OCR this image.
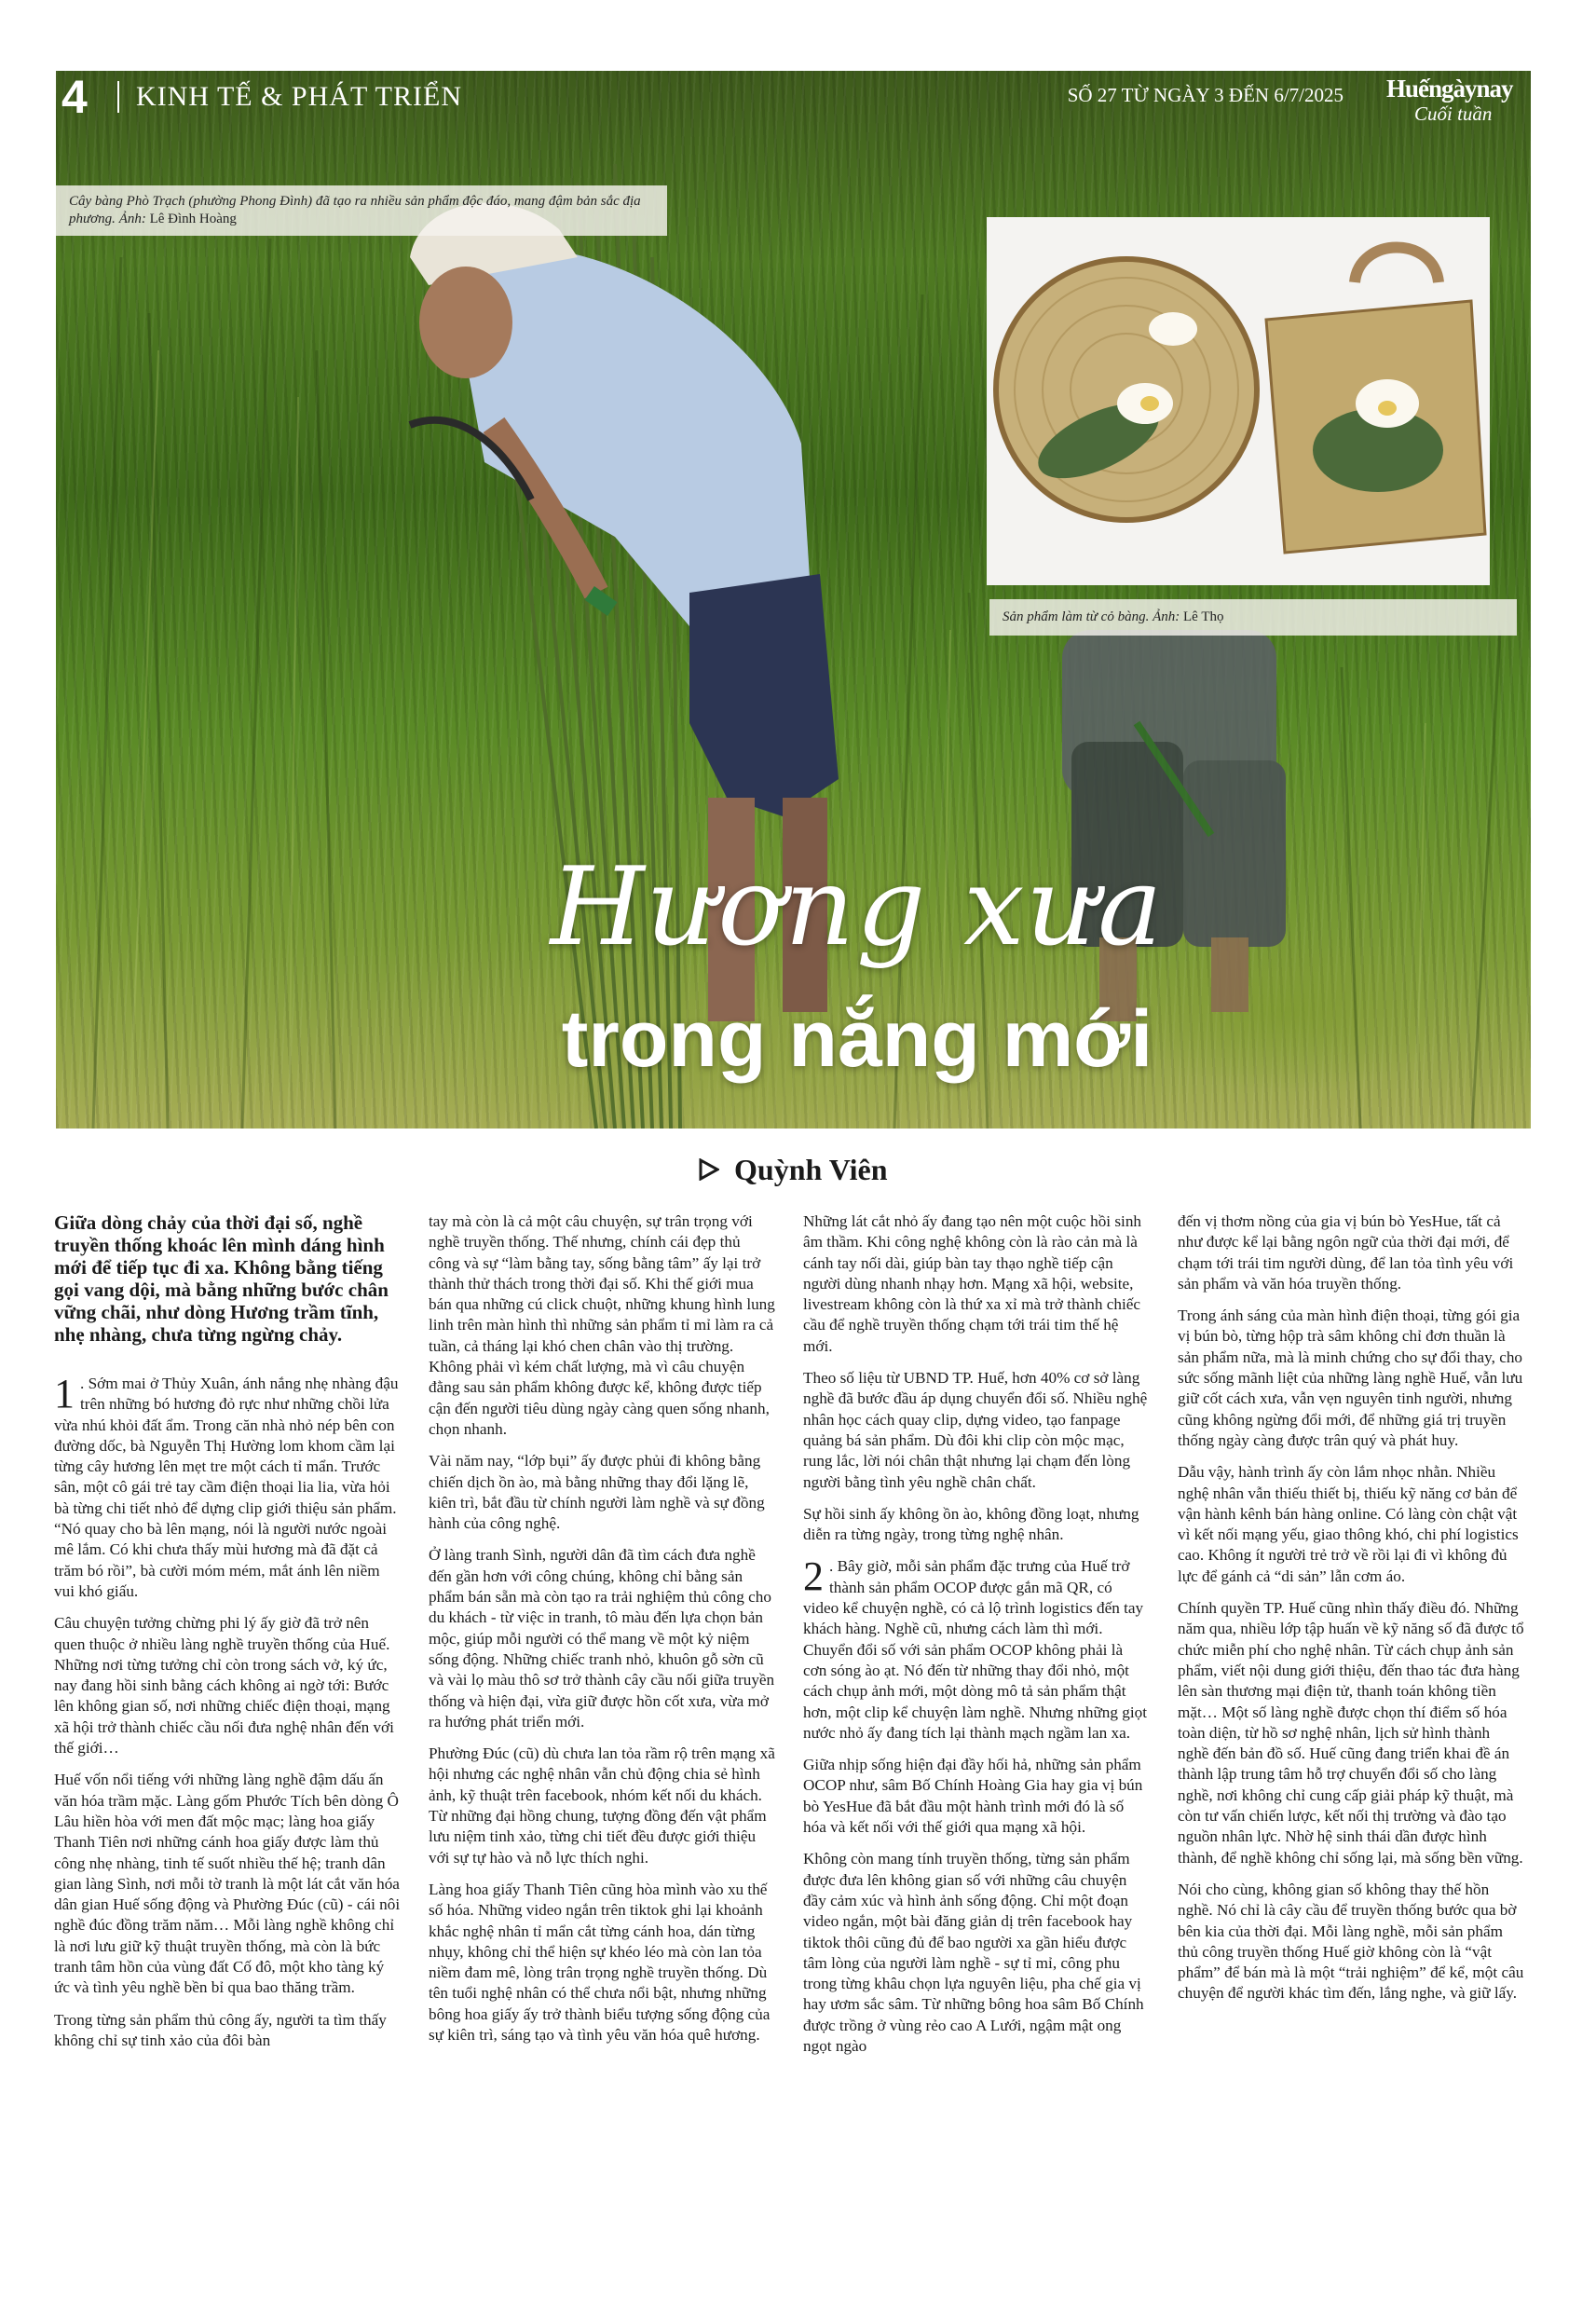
4	KINH TẾ & PHÁT TRIỂN	SỐ 27 TỪ NGÀY 3 ĐẾN 6/7/2025 Huếngàynay
Cuối tuần
Cây bàng Phò Trạch (phường Phong Đình) đã tạo ra nhiều sản phẩm độc đáo, mang đậm bản sắc địa phương. Ảnh: Lê Đình Hoàng
Sản phẩm làm từ cỏ bàng. Ảnh: Lê Thọ
Hương xưa
trong nắng mới
Quỳnh Viên

Giữa dòng chảy của thời đại số, nghề truyền thống khoác lên mình dáng hình mới để tiếp tục đi xa. Không bằng tiếng gọi vang dội, mà bằng những bước chân vững chãi, như dòng Hương trầm tĩnh, nhẹ nhàng, chưa từng ngừng chảy.

1 . Sớm mai ở Thủy Xuân, ánh nắng nhẹ nhàng đậu trên những bó hương đỏ rực như những chồi lửa vừa nhú khỏi đất ẩm. Trong căn nhà nhỏ nép bên con đường dốc, bà Nguyễn Thị Hường lom khom cầm lại từng cây hương lên mẹt tre một cách tỉ mẩn. Trước sân, một cô gái trẻ tay cầm điện thoại lia lia, vừa hỏi bà từng chi tiết nhỏ để dựng clip giới thiệu sản phẩm. “Nó quay cho bà lên mạng, nói là người nước ngoài mê lắm. Có khi chưa thấy mùi hương mà đã đặt cả trăm bó rồi”, bà cười móm mém, mắt ánh lên niềm vui khó giấu.

Câu chuyện tưởng chừng phi lý ấy giờ đã trở nên quen thuộc ở nhiều làng nghề truyền thống của Huế. Những nơi từng tưởng chỉ còn trong sách vở, ký ức, nay đang hồi sinh bằng cách không ai ngờ tới: Bước lên không gian số, nơi những chiếc điện thoại, mạng xã hội trở thành chiếc cầu nối đưa nghệ nhân đến với thế giới…

Huế vốn nổi tiếng với những làng nghề đậm dấu ấn văn hóa trầm mặc. Làng gốm Phước Tích bên dòng Ô Lâu hiền hòa với men đất mộc mạc; làng hoa giấy Thanh Tiên nơi những cánh hoa giấy được làm thủ công nhẹ nhàng, tinh tế suốt nhiều thế hệ; tranh dân gian làng Sình, nơi mỗi tờ tranh là một lát cắt văn hóa dân gian Huế sống động và Phường Đúc (cũ) - cái nôi nghề đúc đồng trăm năm… Mỗi làng nghề không chỉ là nơi lưu giữ kỹ thuật truyền thống, mà còn là bức tranh tâm hồn của vùng đất Cố đô, một kho tàng ký ức và tình yêu nghề bền bỉ qua bao thăng trầm.

Trong từng sản phẩm thủ công ấy, người ta tìm thấy không chỉ sự tinh xảo của đôi bàn

tay mà còn là cả một câu chuyện, sự trân trọng với nghề truyền thống. Thế nhưng, chính cái đẹp thủ công và sự “làm bằng tay, sống bằng tâm” ấy lại trở thành thử thách trong thời đại số. Khi thế giới mua bán qua những cú click chuột, những khung hình lung linh trên màn hình thì những sản phẩm tỉ mỉ làm ra cả tuần, cả tháng lại khó chen chân vào thị trường. Không phải vì kém chất lượng, mà vì câu chuyện đằng sau sản phẩm không được kể, không được tiếp cận đến người tiêu dùng ngày càng quen sống nhanh, chọn nhanh.

Vài năm nay, “lớp bụi” ấy được phủi đi không bằng chiến dịch ồn ào, mà bằng những thay đổi lặng lẽ, kiên trì, bắt đầu từ chính người làm nghề và sự đồng hành của công nghệ.

Ở làng tranh Sình, người dân đã tìm cách đưa nghề đến gần hơn với công chúng, không chỉ bằng sản phẩm bán sẵn mà còn tạo ra trải nghiệm thủ công cho du khách - từ việc in tranh, tô màu đến lựa chọn bản mộc, giúp mỗi người có thể mang về một kỷ niệm sống động. Những chiếc tranh nhỏ, khuôn gỗ sờn cũ và vài lọ màu thô sơ trở thành cây cầu nối giữa truyền thống và hiện đại, vừa giữ được hồn cốt xưa, vừa mở ra hướng phát triển mới.

Phường Đúc (cũ) dù chưa lan tỏa rầm rộ trên mạng xã hội nhưng các nghệ nhân vẫn chủ động chia sẻ hình ảnh, kỹ thuật trên facebook, nhóm kết nối du khách. Từ những đại hồng chung, tượng đồng đến vật phẩm lưu niệm tinh xảo, từng chi tiết đều được giới thiệu với sự tự hào và nỗ lực thích nghi.

Làng hoa giấy Thanh Tiên cũng hòa mình vào xu thế số hóa. Những video ngắn trên tiktok ghi lại khoảnh khắc nghệ nhân tỉ mẩn cắt từng cánh hoa, dán từng nhụy, không chỉ thể hiện sự khéo léo mà còn lan tỏa niềm đam mê, lòng trân trọng nghề truyền thống. Dù tên tuổi nghệ nhân có thể chưa nổi bật, nhưng những bông hoa giấy ấy trở thành biểu tượng sống động của sự kiên trì, sáng tạo và tình yêu văn hóa quê hương.

Những lát cắt nhỏ ấy đang tạo nên một cuộc hồi sinh âm thầm. Khi công nghệ không còn là rào cản mà là cánh tay nối dài, giúp bàn tay thạo nghề tiếp cận người dùng nhanh nhạy hơn. Mạng xã hội, website, livestream không còn là thứ xa xỉ mà trở thành chiếc cầu để nghề truyền thống chạm tới trái tim thế hệ mới.

Theo số liệu từ UBND TP. Huế, hơn 40% cơ sở làng nghề đã bước đầu áp dụng chuyển đổi số. Nhiều nghệ nhân học cách quay clip, dựng video, tạo fanpage quảng bá sản phẩm. Dù đôi khi clip còn mộc mạc, rung lắc, lời nói chân thật nhưng lại chạm đến lòng người bằng tình yêu nghề chân chất.

Sự hồi sinh ấy không ồn ào, không đồng loạt, nhưng diễn ra từng ngày, trong từng nghệ nhân.

2 . Bây giờ, mỗi sản phẩm đặc trưng của Huế trở thành sản phẩm OCOP được gắn mã QR, có video kể chuyện nghề, có cả lộ trình logistics đến tay khách hàng. Nghề cũ, nhưng cách làm thì mới. Chuyển đổi số với sản phẩm OCOP không phải là cơn sóng ào ạt. Nó đến từ những thay đổi nhỏ, một cách chụp ảnh mới, một dòng mô tả sản phẩm thật hơn, một clip kể chuyện làm nghề. Nhưng những giọt nước nhỏ ấy đang tích lại thành mạch ngầm lan xa.

Giữa nhịp sống hiện đại đầy hối hả, những sản phẩm OCOP như, sâm Bố Chính Hoàng Gia hay gia vị bún bò YesHue đã bắt đầu một hành trình mới đó là số hóa và kết nối với thế giới qua mạng xã hội.

Không còn mang tính truyền thống, từng sản phẩm được đưa lên không gian số với những câu chuyện đầy cảm xúc và hình ảnh sống động. Chỉ một đoạn video ngắn, một bài đăng giản dị trên facebook hay tiktok thôi cũng đủ để bao người xa gần hiểu được tâm lòng của người làm nghề - sự tỉ mỉ, công phu trong từng khâu chọn lựa nguyên liệu, pha chế gia vị hay ươm sắc sâm. Từ những bông hoa sâm Bố Chính được trồng ở vùng rẻo cao A Lưới, ngậm mật ong ngọt ngào

đến vị thơm nồng của gia vị bún bò YesHue, tất cả như được kể lại bằng ngôn ngữ của thời đại mới, để chạm tới trái tim người dùng, để lan tỏa tình yêu với sản phẩm và văn hóa truyền thống.

Trong ánh sáng của màn hình điện thoại, từng gói gia vị bún bò, từng hộp trà sâm không chỉ đơn thuần là sản phẩm nữa, mà là minh chứng cho sự đổi thay, cho sức sống mãnh liệt của những làng nghề Huế, vẫn lưu giữ cốt cách xưa, vẫn vẹn nguyên tinh người, nhưng cũng không ngừng đổi mới, để những giá trị truyền thống ngày càng được trân quý và phát huy.

Dẫu vậy, hành trình ấy còn lắm nhọc nhằn. Nhiều nghệ nhân vẫn thiếu thiết bị, thiếu kỹ năng cơ bản để vận hành kênh bán hàng online. Có làng còn chật vật vì kết nối mạng yếu, giao thông khó, chi phí logistics cao. Không ít người trẻ trở về rồi lại đi vì không đủ lực để gánh cả “di sản” lẫn cơm áo.

Chính quyền TP. Huế cũng nhìn thấy điều đó. Những năm qua, nhiều lớp tập huấn về kỹ năng số đã được tổ chức miễn phí cho nghệ nhân. Từ cách chụp ảnh sản phẩm, viết nội dung giới thiệu, đến thao tác đưa hàng lên sàn thương mại điện tử, thanh toán không tiền mặt… Một số làng nghề được chọn thí điểm số hóa toàn diện, từ hồ sơ nghệ nhân, lịch sử hình thành nghề đến bản đồ số. Huế cũng đang triển khai đề án thành lập trung tâm hỗ trợ chuyển đổi số cho làng nghề, nơi không chỉ cung cấp giải pháp kỹ thuật, mà còn tư vấn chiến lược, kết nối thị trường và đào tạo nguồn nhân lực. Nhờ hệ sinh thái dần được hình thành, để nghề không chỉ sống lại, mà sống bền vững.

Nói cho cùng, không gian số không thay thế hồn nghề. Nó chỉ là cây cầu để truyền thống bước qua bờ bên kia của thời đại. Mỗi làng nghề, mỗi sản phẩm thủ công truyền thống Huế giờ không còn là “vật phẩm” để bán mà là một “trải nghiệm” để kể, một câu chuyện để người khác tìm đến, lắng nghe, và giữ lấy.
